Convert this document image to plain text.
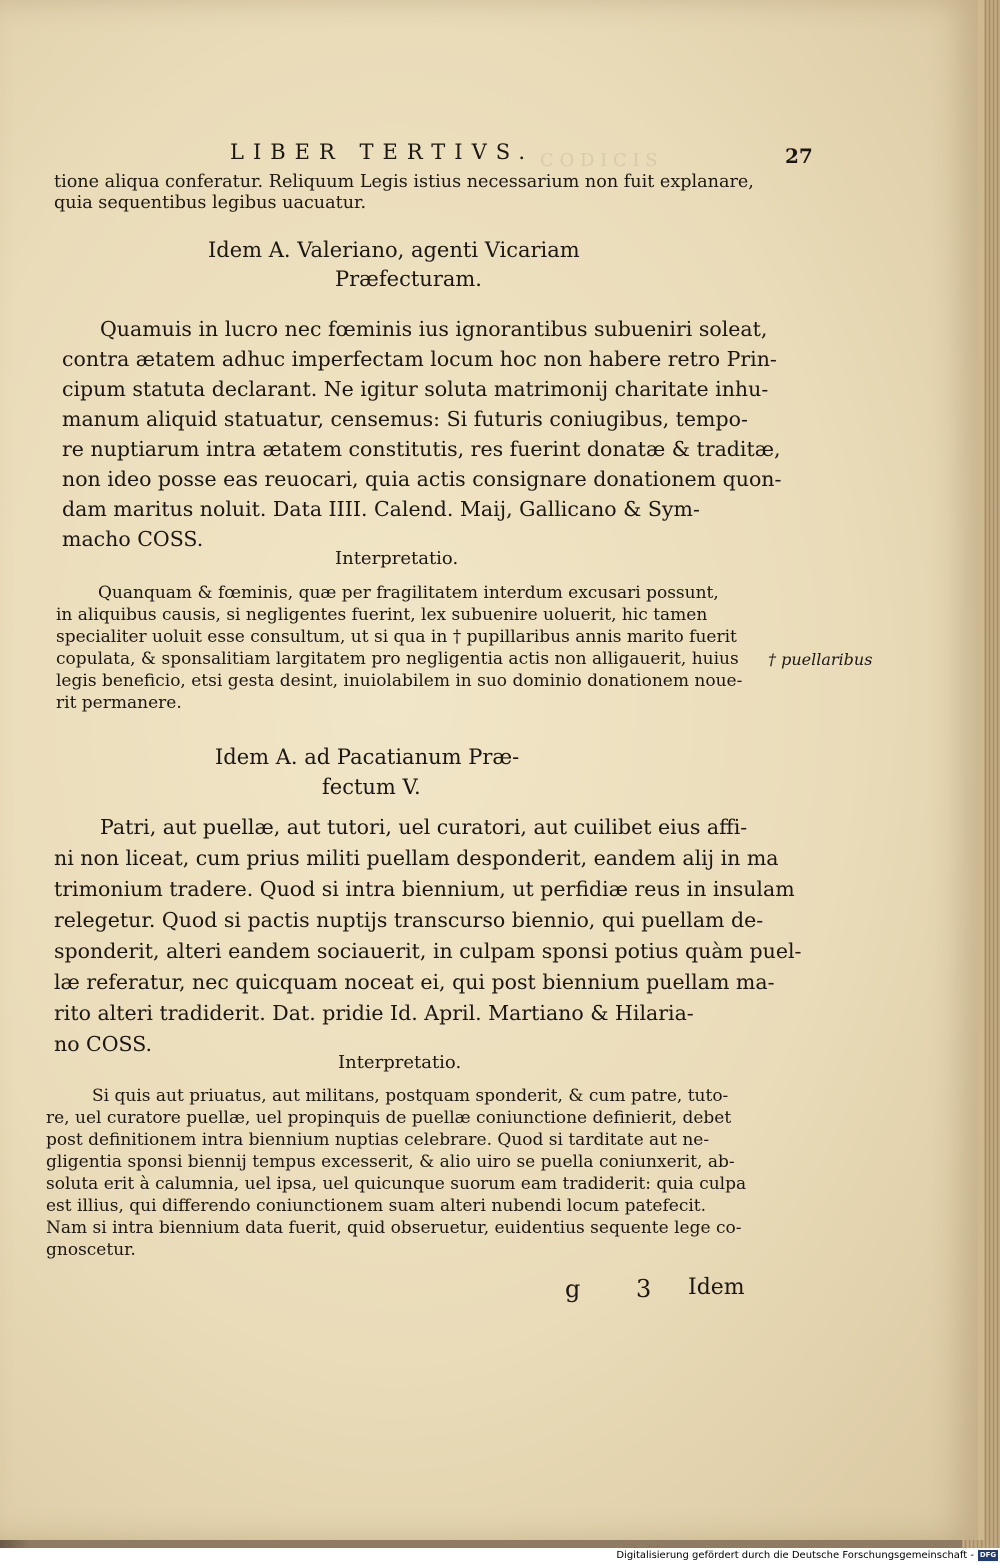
C O D I C I S
LIBER TERTIVS.	27
tione aliqua conferatur. Reliquum Legis istius necessarium non fuit explanare,
quia sequentibus legibus uacuatur.
Idem A. Valeriano, agenti Vicariam
Præfecturam.
Quamuis in lucro nec fœminis ius ignorantibus subueniri soleat,
contra ætatem adhuc imperfectam locum hoc non habere retro Prin-
cipum statuta declarant. Ne igitur soluta matrimonij charitate inhu-
manum aliquid statuatur, censemus: Si futuris coniugibus, tempo-
re nuptiarum intra ætatem constitutis, res fuerint donatæ & traditæ,
non ideo posse eas reuocari, quia actis consignare donationem quon-
dam maritus noluit. Data IIII. Calend. Maij, Gallicano & Sym-
macho COSS.
Interpretatio.
Quanquam & fœminis, quæ per fragilitatem interdum excusari possunt,
in aliquibus causis, si negligentes fuerint, lex subuenire uoluerit, hic tamen
specialiter uoluit esse consultum, ut si qua in † pupillaribus annis marito fuerit
copulata, & sponsalitiam largitatem pro negligentia actis non alligauerit, huius
legis beneficio, etsi gesta desint, inuiolabilem in suo dominio donationem noue-
rit permanere.
† puellaribus
Idem A. ad Pacatianum Præ-
fectum V.
Patri, aut puellæ, aut tutori, uel curatori, aut cuilibet eius affi-
ni non liceat, cum prius militi puellam desponderit, eandem alij in ma
trimonium tradere. Quod si intra biennium, ut perfidiæ reus in insulam
relegetur. Quod si pactis nuptijs transcurso biennio, qui puellam de-
sponderit, alteri eandem sociauerit, in culpam sponsi potius quàm puel-
læ referatur, nec quicquam noceat ei, qui post biennium puellam ma-
rito alteri tradiderit. Dat. pridie Id. April. Martiano & Hilaria-
no COSS.
Interpretatio.
Si quis aut priuatus, aut militans, postquam sponderit, & cum patre, tuto-
re, uel curatore puellæ, uel propinquis de puellæ coniunctione definierit, debet
post definitionem intra biennium nuptias celebrare. Quod si tarditate aut ne-
gligentia sponsi biennij tempus excesserit, & alio uiro se puella coniunxerit, ab-
soluta erit à calumnia, uel ipsa, uel quicunque suorum eam tradiderit: quia culpa
est illius, qui differendo coniunctionem suam alteri nubendi locum patefecit.
Nam si intra biennium data fuerit, quid obseruetur, euidentius sequente lege co-
gnoscetur.
g 3 Idem
Digitalisierung gefördert durch die Deutsche Forschungsgemeinschaft - DFG
